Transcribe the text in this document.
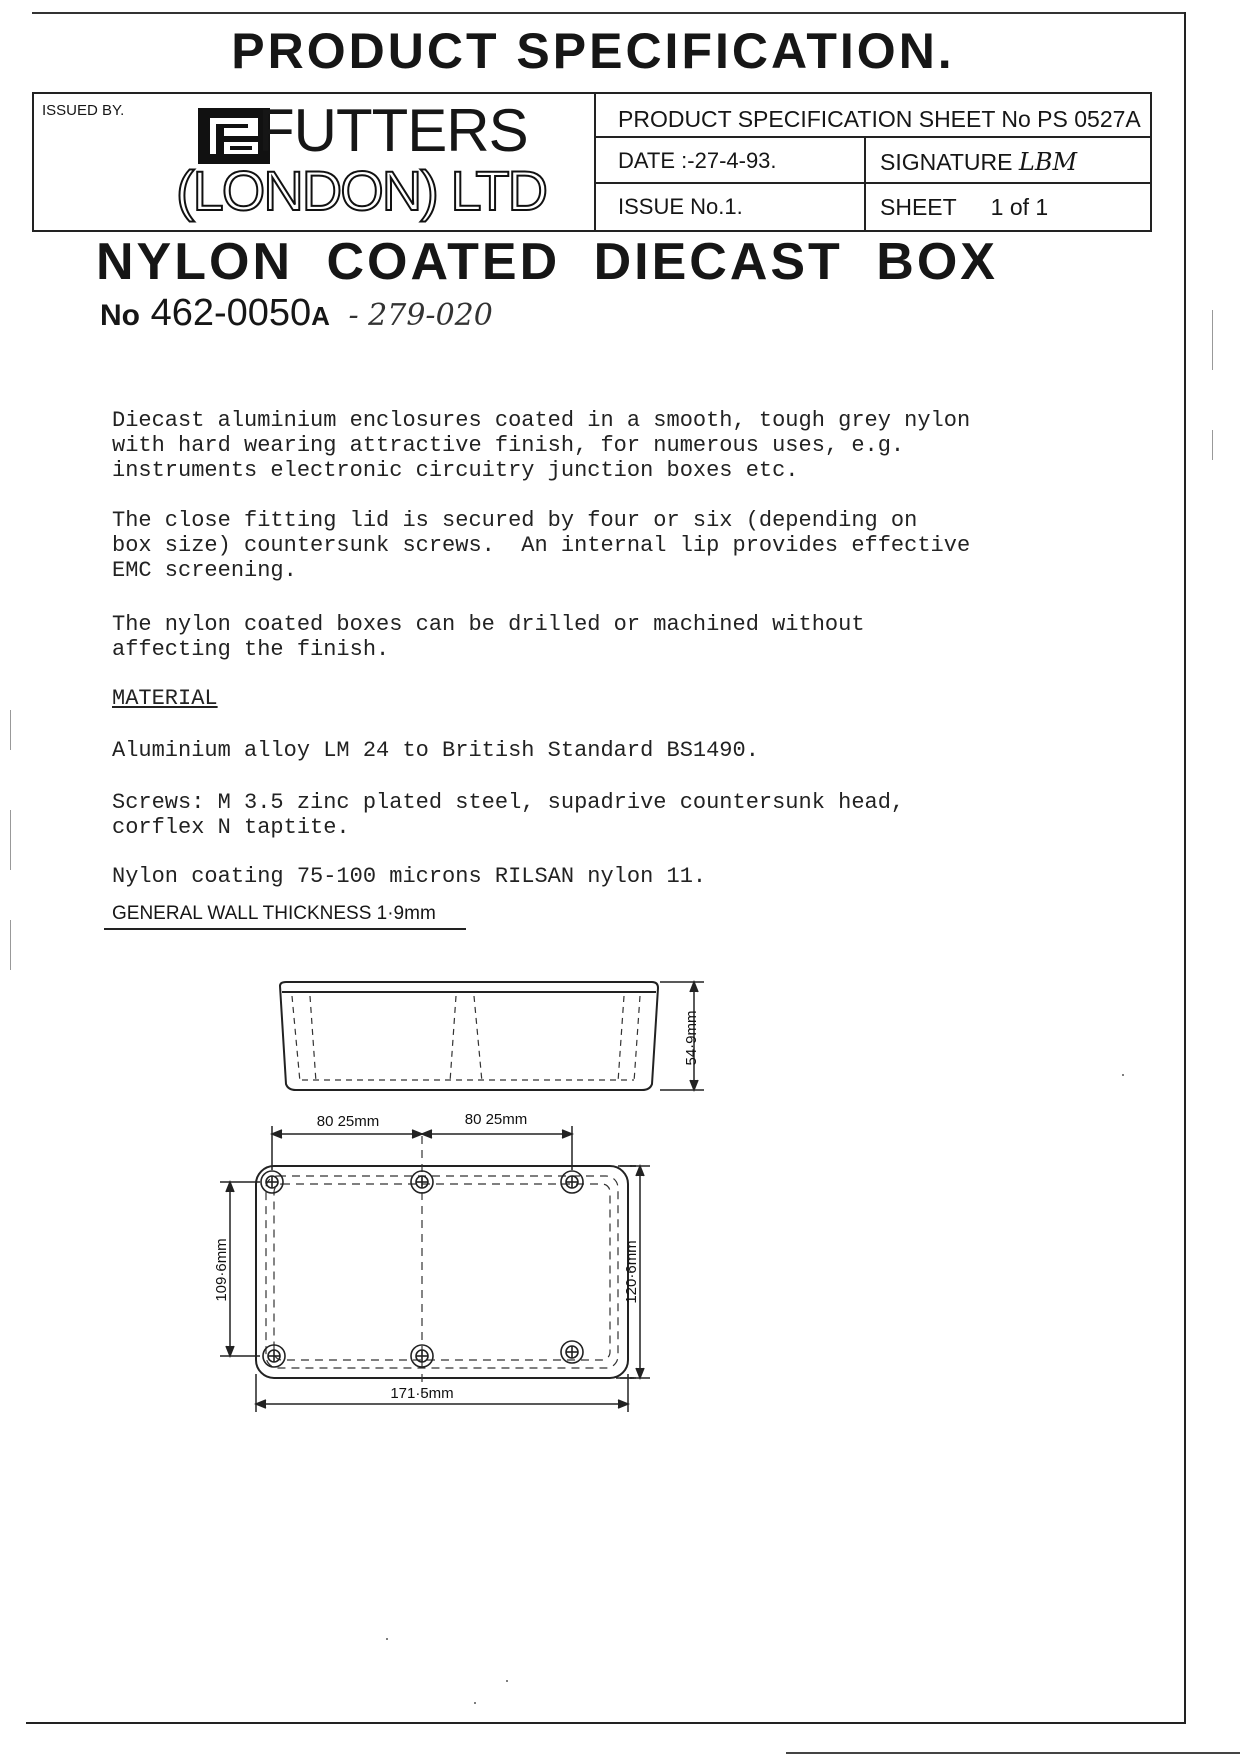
PRODUCT SPECIFICATION.
ISSUED BY. FUTTERS
(LONDON) LTD
PRODUCT SPECIFICATION SHEET No PS 0527A
DATE :-27-4-93.	SIGNATURE LBM
ISSUE No.1.	SHEET 1 of 1
NYLON COATED DIECAST BOX
No 462-0050A - 279-020
Diecast aluminium enclosures coated in a smooth, tough grey nylon
with hard wearing attractive finish, for numerous uses, e.g.
instruments electronic circuitry junction boxes etc.
The close fitting lid is secured by four or six (depending on
box size) countersunk screws.  An internal lip provides effective
EMC screening.
The nylon coated boxes can be drilled or machined without
affecting the finish.
MATERIAL
Aluminium alloy LM 24 to British Standard BS1490.
Screws: M 3.5 zinc plated steel, supadrive countersunk head,
corflex N taptite.
Nylon coating 75-100 microns RILSAN nylon 11.
GENERAL WALL THICKNESS 1·9mm
54·9mm
80 25mm	80 25mm
109·6mm	120·6mm
171·5mm
